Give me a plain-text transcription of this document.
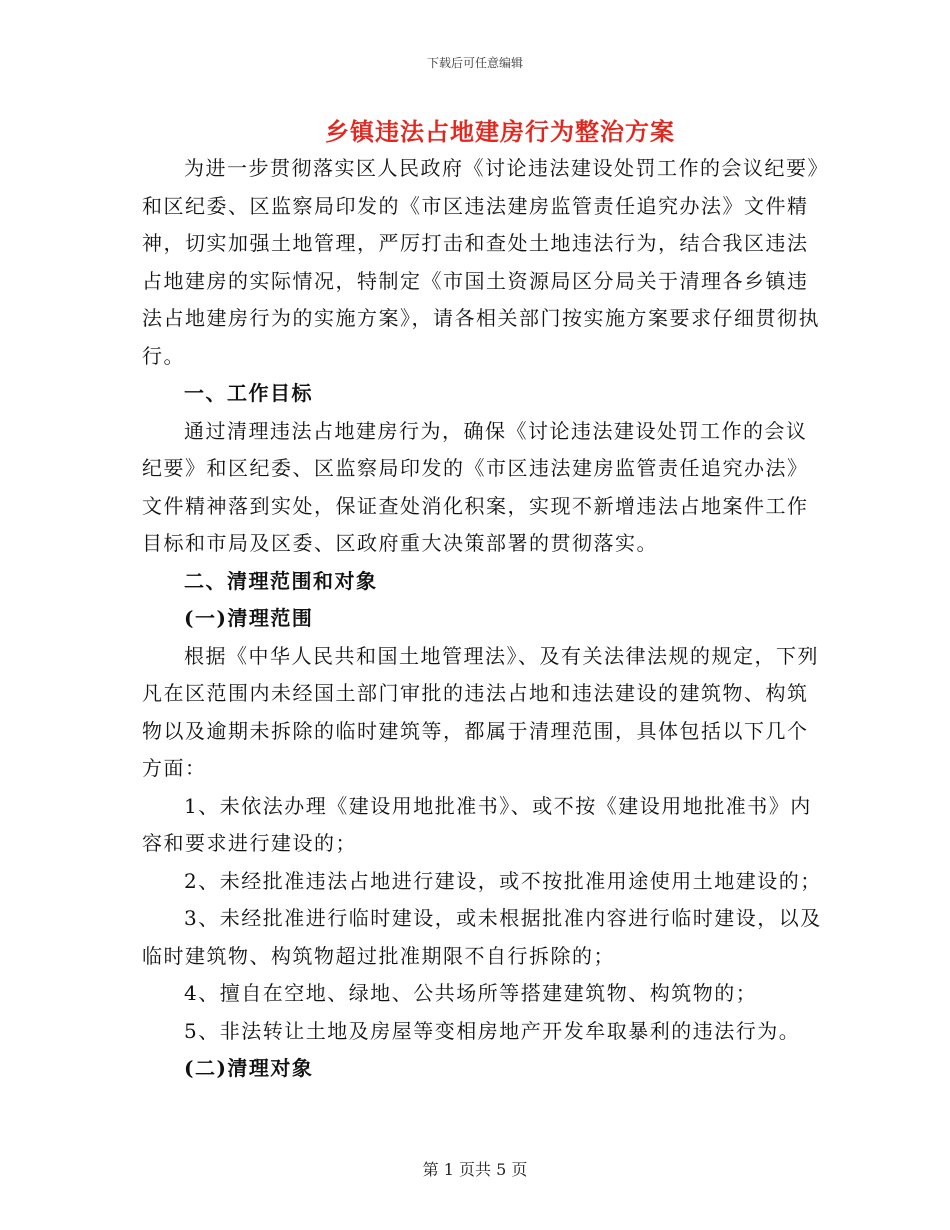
下载后可任意编辑
乡镇违法占地建房行为整治方案

为进一步贯彻落实区人民政府《讨论违法建设处罚工作的会议纪要》和区纪委、区监察局印发的《市区违法建房监管责任追究办法》文件精神，切实加强土地管理，严厉打击和查处土地违法行为，结合我区违法占地建房的实际情况，特制定《市国土资源局区分局关于清理各乡镇违法占地建房行为的实施方案》，请各相关部门按实施方案要求仔细贯彻执行。

一、工作目标

通过清理违法占地建房行为，确保《讨论违法建设处罚工作的会议纪要》和区纪委、区监察局印发的《市区违法建房监管责任追究办法》文件精神落到实处，保证查处消化积案，实现不新增违法占地案件工作目标和市局及区委、区政府重大决策部署的贯彻落实。

二、清理范围和对象

(一)清理范围

根据《中华人民共和国土地管理法》、及有关法律法规的规定，下列凡在区范围内未经国土部门审批的违法占地和违法建设的建筑物、构筑物以及逾期未拆除的临时建筑等，都属于清理范围，具体包括以下几个方面：

1、未依法办理《建设用地批准书》、或不按《建设用地批准书》内容和要求进行建设的；

2、未经批准违法占地进行建设，或不按批准用途使用土地建设的；

3、未经批准进行临时建设，或未根据批准内容进行临时建设，以及临时建筑物、构筑物超过批准期限不自行拆除的；

4、擅自在空地、绿地、公共场所等搭建建筑物、构筑物的；

5、非法转让土地及房屋等变相房地产开发牟取暴利的违法行为。

(二)清理对象

第 1 页共 5 页
